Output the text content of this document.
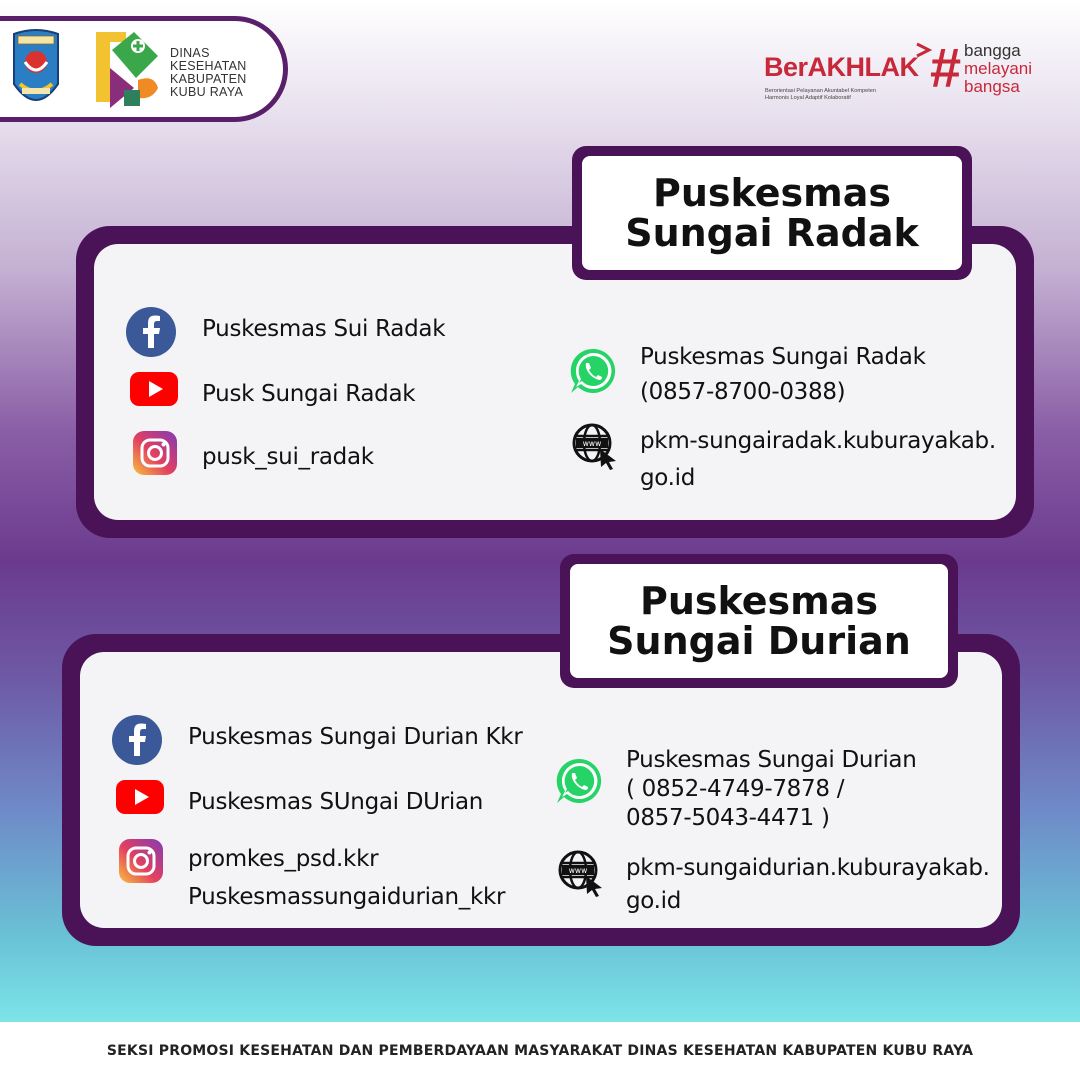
DINAS
KESEHATAN
KABUPATEN
KUBU RAYA
BerAKHLAK
Berorientasi Pelayanan Akuntabel Kompeten
Harmonis Loyal Adaptif Kolaboratif	# bangga
melayani
bangsa
Puskesmas
Sungai Radak
Puskesmas Sui Radak
Pusk Sungai Radak
pusk_sui_radak
Puskesmas Sungai Radak
(0857-8700-0388)
www pkm-sungairadak.kuburayakab.
go.id
Puskesmas
Sungai Durian
Puskesmas Sungai Durian Kkr
Puskesmas SUngai DUrian
promkes_psd.kkr
Puskesmassungaidurian_kkr
Puskesmas Sungai Durian
( 0852-4749-7878 /
0857-5043-4471 )
www pkm-sungaidurian.kuburayakab.
go.id
SEKSI PROMOSI KESEHATAN DAN PEMBERDAYAAN MASYARAKAT DINAS KESEHATAN KABUPATEN KUBU RAYA
